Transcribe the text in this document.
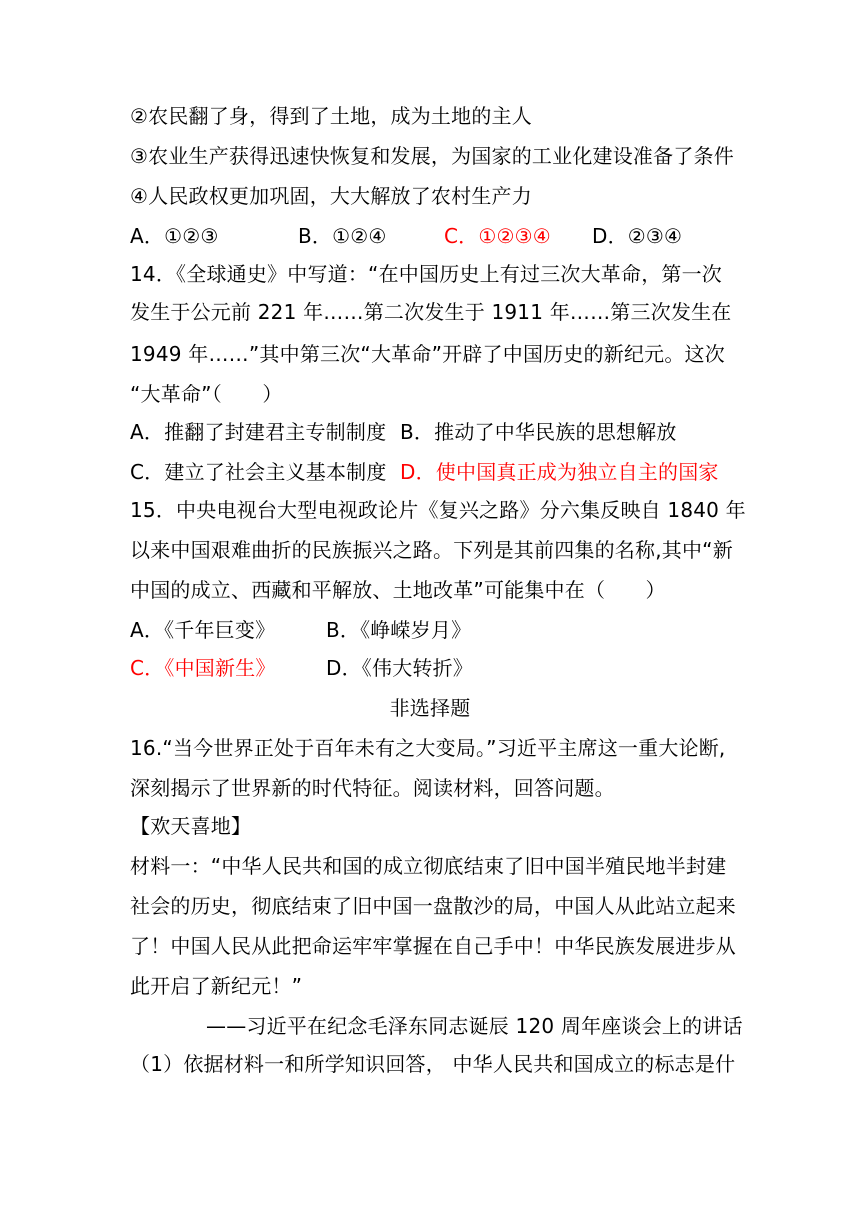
②农民翻了身，得到了土地，成为土地的主人
③农业生产获得迅速快恢复和发展，为国家的工业化建设准备了条件
④人民政权更加巩固，大大解放了农村生产力
A．①②③	B．①②④	C．①②③④ D．②③④
14．《全球通史》中写道：“在中国历史上有过三次大革命，第一次
发生于公元前 221 年……第二次发生于 1911 年……第三次发生在
1949 年……”其中第三次“大革命”开辟了中国历史的新纪元。这次
“大革命”（　　）
A．推翻了封建君主专制制度 B．推动了中华民族的思想解放
C．建立了社会主义基本制度 D．使中国真正成为独立自主的国家
15．中央电视台大型电视政论片《复兴之路》分六集反映自 1840 年
以来中国艰难曲折的民族振兴之路。下列是其前四集的名称,其中“新
中国的成立、西藏和平解放、土地改革”可能集中在（　　）
A．《千年巨变》	B．《峥嵘岁月》
C．《中国新生》	D．《伟大转折》
非选择题
16.“当今世界正处于百年未有之大变局。”习近平主席这一重大论断,
深刻揭示了世界新的时代特征。阅读材料，回答问题。
【欢天喜地】
材料一：“中华人民共和国的成立彻底结束了旧中国半殖民地半封建
社会的历史，彻底结束了旧中国一盘散沙的局，中国人从此站立起来
了！中国人民从此把命运牢牢掌握在自己手中！中华民族发展进步从
此开启了新纪元！”
——习近平在纪念毛泽东同志诞辰 120 周年座谈会上的讲话
（1）依据材料一和所学知识回答， 中华人民共和国成立的标志是什
